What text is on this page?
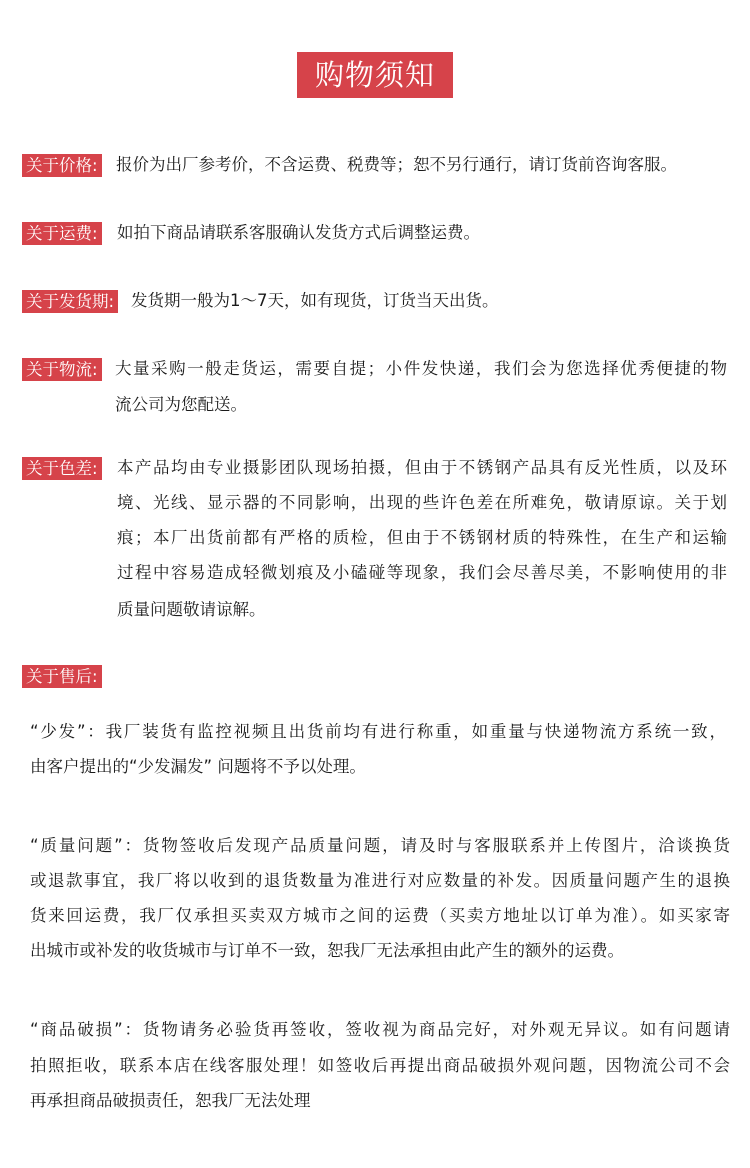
购物须知
关于价格: 报价为出厂参考价，不含运费、税费等；恕不另行通行，请订货前咨询客服。
关于运费: 如拍下商品请联系客服确认发货方式后调整运费。
关于发货期: 发货期一般为1～7天，如有现货，订货当天出货。
关于物流: 大量采购一般走货运，需要自提；小件发快递，我们会为您选择优秀便捷的物
流公司为您配送。
关于色差: 本产品均由专业摄影团队现场拍摄，但由于不锈钢产品具有反光性质，以及环
境、光线、显示器的不同影响，出现的些许色差在所难免，敬请原谅。关于划
痕；本厂出货前都有严格的质检，但由于不锈钢材质的特殊性，在生产和运输
过程中容易造成轻微划痕及小磕碰等现象，我们会尽善尽美，不影响使用的非
质量问题敬请谅解。
关于售后:
“少发”：我厂装货有监控视频且出货前均有进行称重，如重量与快递物流方系统一致，
由客户提出的“少发漏发” 问题将不予以处理。
“质量问题”：货物签收后发现产品质量问题，请及时与客服联系并上传图片，洽谈换货
或退款事宜，我厂将以收到的退货数量为准进行对应数量的补发。因质量问题产生的退换
货来回运费，我厂仅承担买卖双方城市之间的运费（买卖方地址以订单为准）。如买家寄
出城市或补发的收货城市与订单不一致，恕我厂无法承担由此产生的额外的运费。
“商品破损”：货物请务必验货再签收，签收视为商品完好，对外观无异议。如有问题请
拍照拒收，联系本店在线客服处理！如签收后再提出商品破损外观问题，因物流公司不会
再承担商品破损责任，恕我厂无法处理
